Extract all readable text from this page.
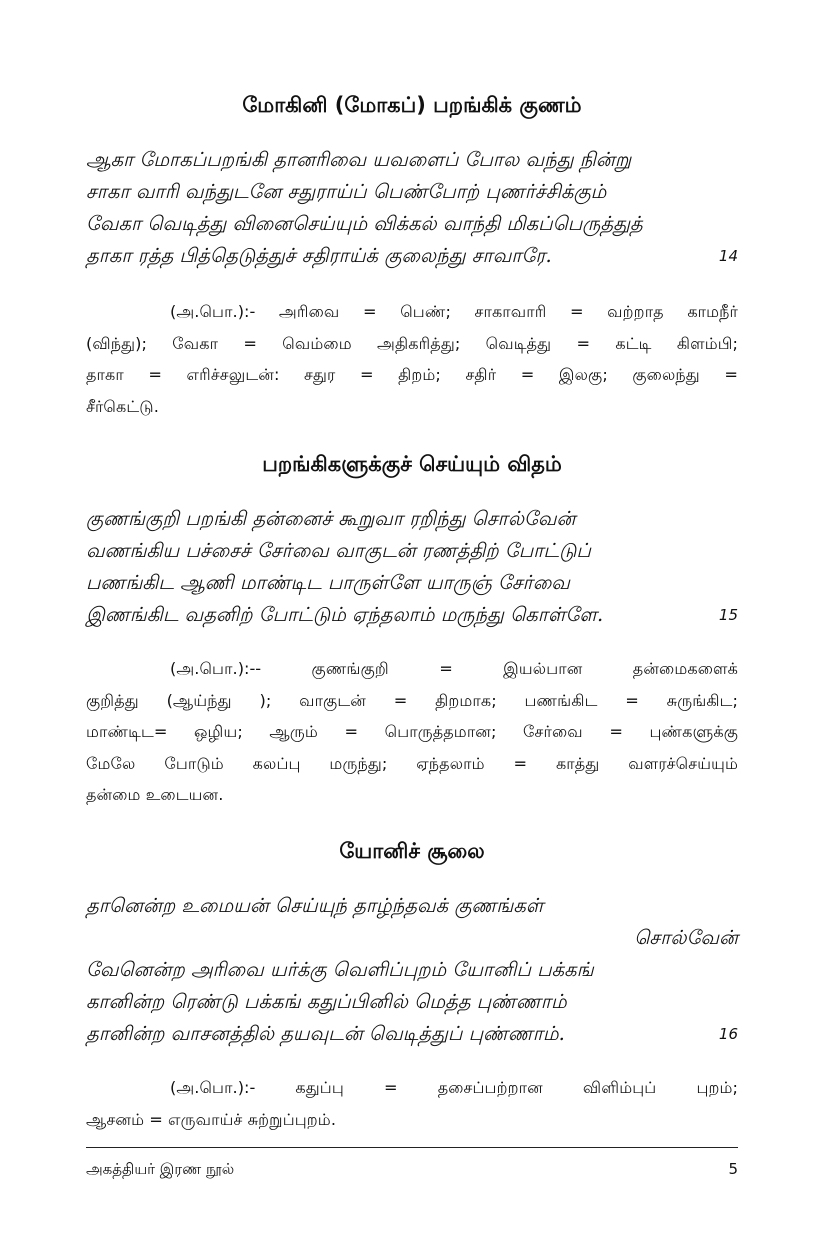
மோகினி (மோகப்) பறங்கிக் குணம்
ஆகா மோகப்பறங்கி தானரிவை யவளைப் போல வந்து நின்று
சாகா வாரி வந்துடனே சதுராய்ப் பெண்போற் புணர்ச்சிக்கும்
வேகா வெடித்து வினைசெய்யும் விக்கல் வாந்தி மிகப்பெருத்துத்
தாகா ரத்த பித்தெடுத்துச் சதிராய்க் குலைந்து சாவாரே.	14
(அ.பொ.):- அரிவை = பெண்; சாகாவாரி = வற்றாத காமநீர்
(விந்து); வேகா = வெம்மை அதிகரித்து; வெடித்து = கட்டி கிளம்பி;
தாகா = எரிச்சலுடன்: சதுர = திறம்; சதிர் = இலகு; குலைந்து =
சீர்கெட்டு.
பறங்கிகளுக்குச் செய்யும் விதம்
குணங்குறி பறங்கி தன்னைச் கூறுவா ரறிந்து சொல்வேன்
வணங்கிய பச்சைச் சேர்வை வாகுடன் ரணத்திற் போட்டுப்
பணங்கிட ஆணி மாண்டிட பாருள்ளே யாருஞ் சேர்வை
இணங்கிட வதனிற் போட்டும் ஏந்தலாம் மருந்து கொள்ளே.	15
(அ.பொ.):-- குணங்குறி = இயல்பான தன்மைகளைக்
குறித்து (ஆய்ந்து ); வாகுடன் = திறமாக; பணங்கிட = சுருங்கிட;
மாண்டிட= ஒழிய; ஆரும் = பொருத்தமான; சேர்வை = புண்களுக்கு
மேலே போடும் கலப்பு மருந்து; ஏந்தலாம் = காத்து வளரச்செய்யும்
தன்மை உடையன.
யோனிச் சூலை
தானென்ற உமையன் செய்யுந் தாழ்ந்தவக் குணங்கள்
சொல்வேன்
வேனென்ற அரிவை யர்க்கு வெளிப்புறம் யோனிப் பக்கங்
கானின்ற ரெண்டு பக்கங் கதுப்பினில் மெத்த புண்ணாம்
தானின்ற வாசனத்தில் தயவுடன் வெடித்துப் புண்ணாம்.	16
(அ.பொ.):- கதுப்பு = தசைப்பற்றான விளிம்புப் புறம்;
ஆசனம் = எருவாய்ச் சுற்றுப்புறம்.
அகத்தியர் இரண நூல்	5
